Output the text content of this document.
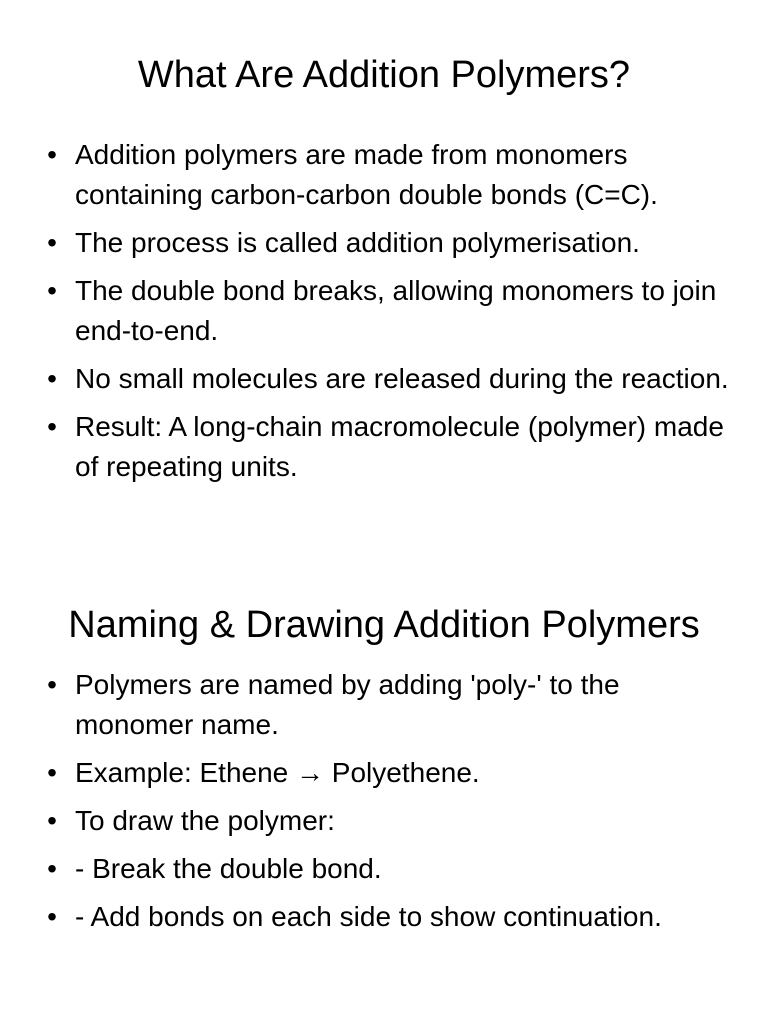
What Are Addition Polymers?
• Addition polymers are made from monomers containing carbon-carbon double bonds (C=C).
• The process is called addition polymerisation.
• The double bond breaks, allowing monomers to join end-to-end.
• No small molecules are released during the reaction.
• Result: A long-chain macromolecule (polymer) made of repeating units.
Naming & Drawing Addition Polymers
• Polymers are named by adding 'poly-' to the monomer name.
• Example: Ethene → Polyethene.
• To draw the polymer:
• - Break the double bond.
• - Add bonds on each side to show continuation.
